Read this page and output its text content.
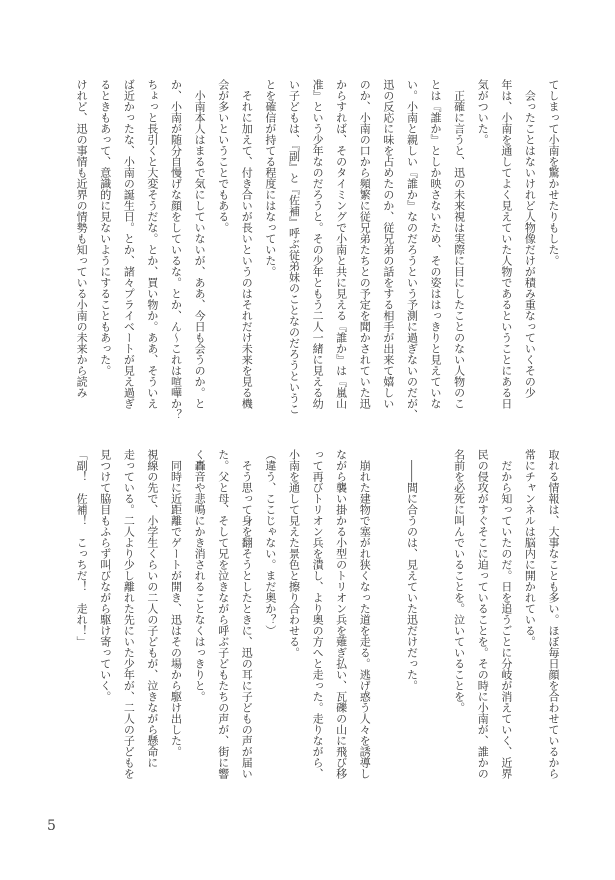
てしまって小南を驚かせたりもした。
　会ったことはないけれど人物像だけが積み重なっていくその少
年は、小南を通してよく見えていた人物であるということにある日
気がついた。
　正確に言うと、迅の未来視は実際に目にしたことのない人物のこ
とは『誰か』としか映さないため、その姿ははっきりと見えていな
い。小南と親しい『誰か』なのだろうという予測に過ぎないのだが、
迅の反応に味を占めたのか、従兄弟の話をする相手が出来て嬉しい
のか、小南の口から頻繁に従兄弟たちとの予定を聞かされていた迅
からすれば、そのタイミングで小南と共に見える『誰か』は『嵐山
准』という少年なのだろうと。その少年ともう二人一緒に見える幼
い子どもは、『副』と『佐補』呼ぶ従弟妹のことなのだろうというこ
とを確信が持てる程度にはなっていた。
　それに加えて、付き合いが長いというのはそれだけ未来を見る機
会が多いということでもある。
　小南本人はまるで気にしていないが、ああ、今日も会うのか。と
か、小南が随分自慢げな顔をしているな。とか、ん～これは喧嘩か？
ちょっと長引くと大変そうだな。とか、買い物か。ああ、そういえ
ば近かったな、小南の誕生日。とか、諸々プライベートが見え過ぎ
るときもあって、意識的に見ないようにすることもあった。
けれど、迅の事情も近界の情勢も知っている小南の未来から読み
取れる情報は、大事なことも多い。ほぼ毎日顔を合わせているから
常にチャンネルは脳内に開かれている。
　だから知っていたのだ。日を追うごとに分岐が消えていく、近界
民の侵攻がすぐそこに迫っていることを。その時に小南が、誰かの
名前を必死に叫んでいることを。泣いていることを。
　――間に合うのは、見えていた迅だけだった。
　崩れた建物で塞がれ狭くなった道を走る。逃げ惑う人々を誘導し
ながら襲い掛かる小型のトリオン兵を薙ぎ払い、瓦礫の山に飛び移
って再びトリオン兵を潰し、より奥の方へと走った。走りながら、
小南を通して見えた景色と擦り合わせる。
（違う、ここじゃない。まだ奥か？）
　そう思って身を翻そうとしたときに、迅の耳に子どもの声が届い
た。父と母、そして兄を泣きながら呼ぶ子どもたちの声が、街に響
く轟音や悲鳴にかき消されることなくはっきりと。
　同時に近距離でゲートが開き、迅はその場から駆け出した。
視線の先で、小学生くらいの二人の子どもが、泣きながら懸命に
走っている。二人より少し離れた先にいた少年が、二人の子どもを
見つけて脇目もふらず叫びながら駆け寄っていく。
「副！　佐補！　こっちだ！　走れ！」
5
